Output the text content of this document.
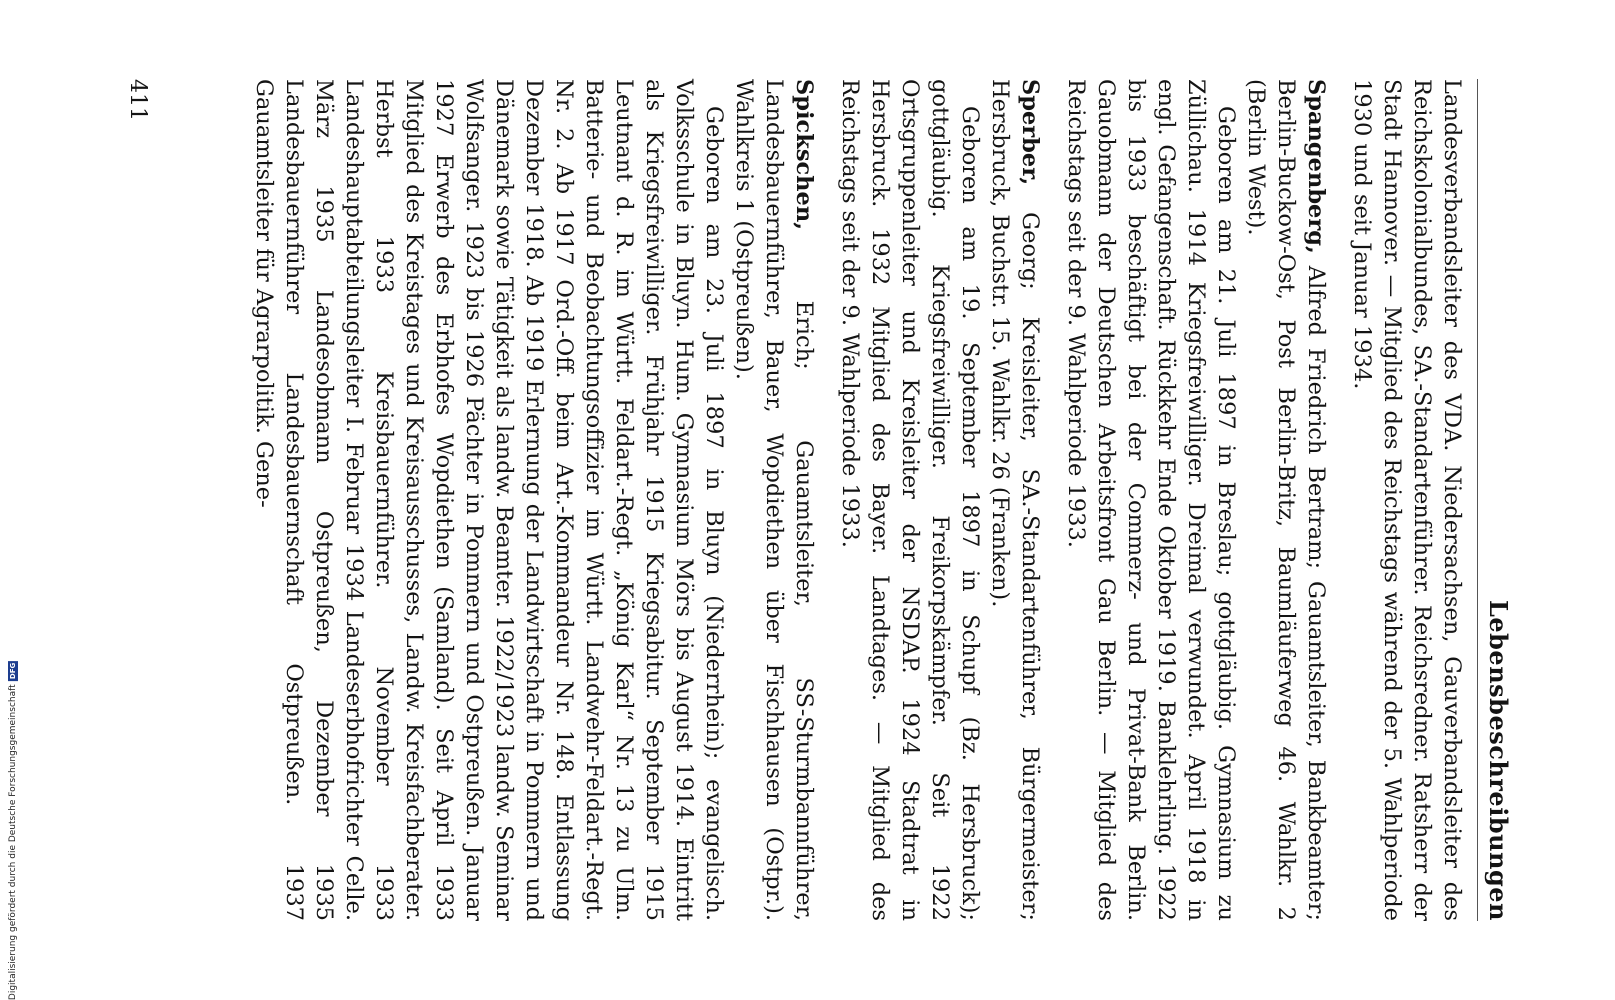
Digitalisierung gefördert durch die Deutsche Forschungsgemeinschaft
DFG	Lebensbeschreibungen

Landesverbandsleiter des VDA. Niedersachsen, Gauverbandsleiter des Reichskolonialbundes, SA.-Standartenführer. Reichsredner. Ratsherr der Stadt Hannover. — Mitglied des Reichstags während der 5. Wahlperiode 1930 und seit Januar 1934.

Spangenberg, Alfred Friedrich Bertram; Gauamtsleiter, Bankbeamter; Berlin-Buckow-Ost, Post Berlin-Britz, Baumläuferweg 46. Wahlkr. 2 (Berlin West).

Geboren am 21. Juli 1897 in Breslau; gottgläubig. Gymnasium zu Züllichau. 1914 Kriegsfreiwilliger. Dreimal verwundet. April 1918 in engl. Gefangenschaft. Rückkehr Ende Oktober 1919. Banklehrling. 1922 bis 1933 beschäftigt bei der Commerz- und Privat-Bank Berlin. Gauobmann der Deutschen Arbeitsfront Gau Berlin. — Mitglied des Reichstags seit der 9. Wahlperiode 1933.

Sperber, Georg; Kreisleiter, SA.-Standartenführer, Bürgermeister; Hersbruck, Buchstr. 15. Wahlkr. 26 (Franken).

Geboren am 19. September 1897 in Schupf (Bz. Hersbruck); gottgläubig. Kriegsfreiwilliger. Freikorpskämpfer. Seit 1922 Ortsgruppenleiter und Kreisleiter der NSDAP. 1924 Stadtrat in Hersbruck. 1932 Mitglied des Bayer. Landtages. — Mitglied des Reichstags seit der 9. Wahlperiode 1933.

Spickschen, Erich; Gauamtsleiter, SS-Sturmbannführer, Landesbauernführer, Bauer, Wopdiethen über Fischhausen (Ostpr.). Wahlkreis 1 (Ostpreußen).

Geboren am 23. Juli 1897 in Bluyn (Niederrhein); evangelisch. Volksschule in Bluyn. Hum. Gymnasium Mörs bis August 1914. Eintritt als Kriegsfreiwilliger. Frühjahr 1915 Kriegsabitur. September 1915 Leutnant d. R. im Württ. Feldart.-Regt. „König Karl“ Nr. 13 zu Ulm. Batterie- und Beobachtungsoffizier im Württ. Landwehr-Feldart.-Regt. Nr. 2. Ab 1917 Ord.-Off. beim Art.-Kommandeur Nr. 148. Entlassung Dezember 1918. Ab 1919 Erlernung der Landwirtschaft in Pommern und Dänemark sowie Tätigkeit als landw. Beamter. 1922/1923 landw. Seminar Wolfsanger. 1923 bis 1926 Pächter in Pommern und Ostpreußen. Januar 1927 Erwerb des Erbhofes Wopdiethen (Samland). Seit April 1933 Mitglied des Kreistages und Kreisausschusses, Landw. Kreisfachberater. Herbst 1933 Kreisbauernführer. November 1933 Landeshauptabteilungsleiter I. Februar 1934 Landeserbhofrichter Celle. März 1935 Landesobmann Ostpreußen, Dezember 1935 Landesbauernführer Landesbauernschaft Ostpreußen. 1937 Gauamtsleiter für Agrarpolitik. Gene-

411
